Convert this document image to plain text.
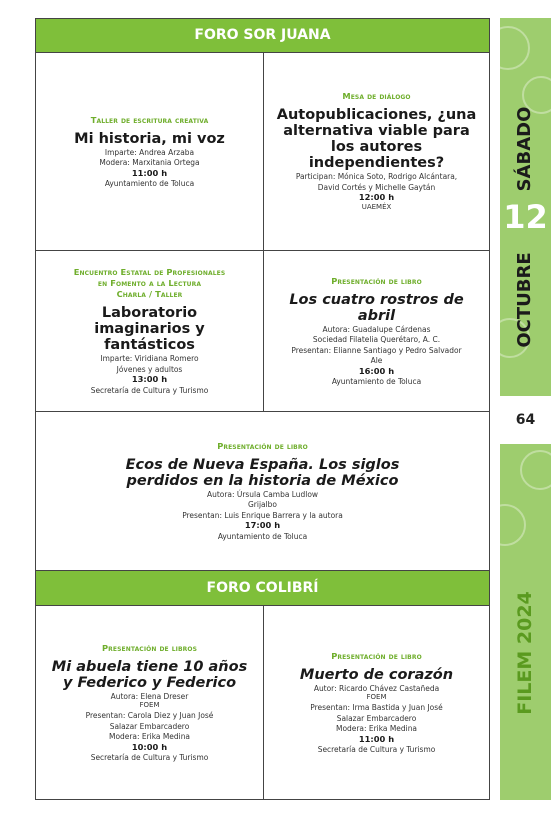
FORO SOR JUANA
Taller de escritura creativa
Mi historia, mi voz
Imparte: Andrea Arzaba
Modera: Marxitania Ortega
11:00 h
Ayuntamiento de Toluca
Mesa de diálogo
Autopublicaciones, ¿una alternativa viable para los autores independientes?
Participan: Mónica Soto, Rodrigo Alcántara,
David Cortés y Michelle Gaytán
12:00 h
UAEMÉX
Encuentro Estatal de Profesionales
en Fomento a la Lectura
Charla / Taller
Laboratorio imaginarios y fantásticos
Imparte: Viridiana Romero
Jóvenes y adultos
13:00 h
Secretaría de Cultura y Turismo
Presentación de libro
Los cuatro rostros de abril
Autora: Guadalupe Cárdenas
Sociedad Filatelia Querétaro, A. C.
Presentan: Elianne Santiago y Pedro Salvador
Ale
16:00 h
Ayuntamiento de Toluca
Presentación de libro
Ecos de Nueva España. Los siglos perdidos en la historia de México
Autora: Úrsula Camba Ludlow
Grijalbo
Presentan: Luis Enrique Barrera y la autora
17:00 h
Ayuntamiento de Toluca
FORO COLIBRÍ
Presentación de libros
Mi abuela tiene 10 años y Federico y Federico
Autora: Elena Dreser
FOEM
Presentan: Carola Diez y Juan José
Salazar Embarcadero
Modera: Erika Medina
10:00 h
Secretaría de Cultura y Turismo
Presentación de libro
Muerto de corazón
Autor: Ricardo Chávez Castañeda
FOEM
Presentan: Irma Bastida y Juan José
Salazar Embarcadero
Modera: Erika Medina
11:00 h
Secretaría de Cultura y Turismo
SÁBADO
12
OCTUBRE
64
FILEM 2024
